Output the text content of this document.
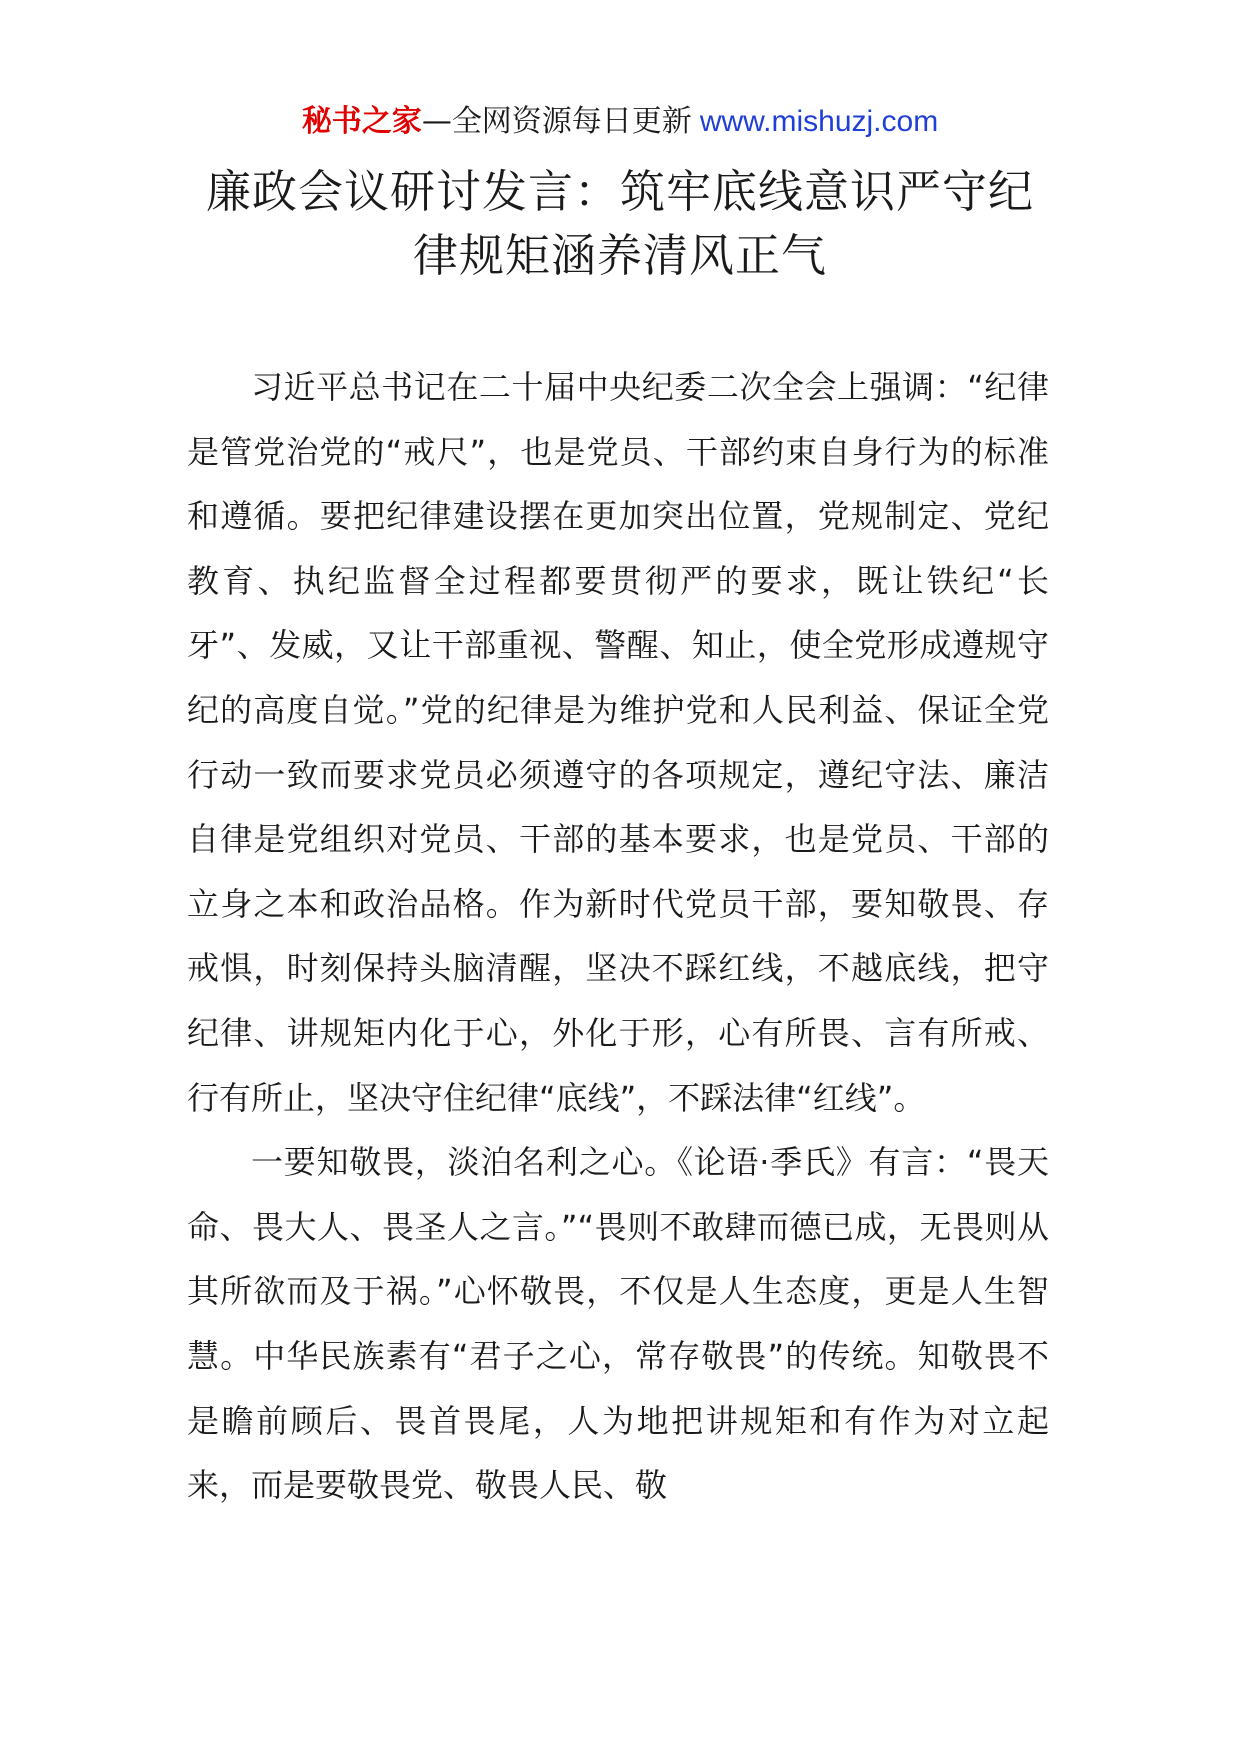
秘书之家—全网资源每日更新 www.mishuzj.com
廉政会议研讨发言：筑牢底线意识严守纪
律规矩涵养清风正气

习近平总书记在二十届中央纪委二次全会上强调：“纪律是管党治党的“戒尺”，也是党员、干部约束自身行为的标准和遵循。要把纪律建设摆在更加突出位置，党规制定、党纪教育、执纪监督全过程都要贯彻严的要求，既让铁纪“长牙”、发威，又让干部重视、警醒、知止，使全党形成遵规守纪的高度自觉。”党的纪律是为维护党和人民利益、保证全党行动一致而要求党员必须遵守的各项规定，遵纪守法、廉洁自律是党组织对党员、干部的基本要求，也是党员、干部的立身之本和政治品格。作为新时代党员干部，要知敬畏、存戒惧，时刻保持头脑清醒，坚决不踩红线，不越底线，把守纪律、讲规矩内化于心，外化于形，心有所畏、言有所戒、行有所止，坚决守住纪律“底线”，不踩法律“红线”。

一要知敬畏，淡泊名利之心。《论语·季氏》有言：“畏天命、畏大人、畏圣人之言。”“畏则不敢肆而德已成，无畏则从其所欲而及于祸。”心怀敬畏，不仅是人生态度，更是人生智慧。中华民族素有“君子之心，常存敬畏”的传统。知敬畏不是瞻前顾后、畏首畏尾，人为地把讲规矩和有作为对立起来，而是要敬畏党、敬畏人民、敬
